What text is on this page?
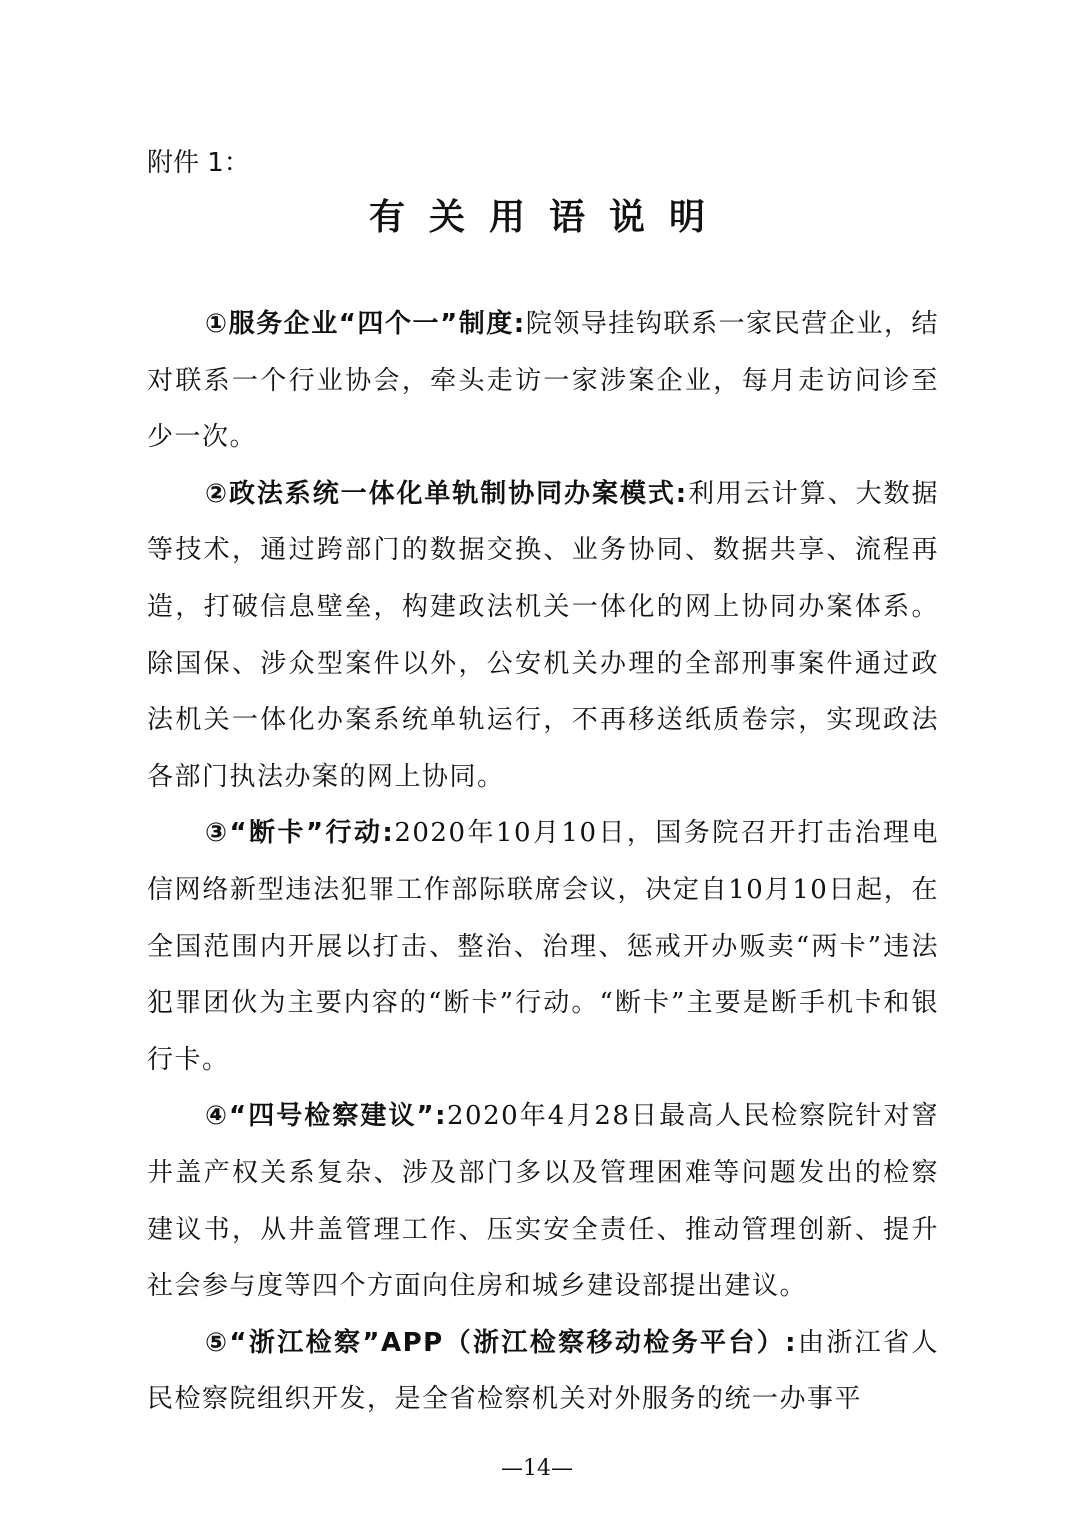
附件 1：

有关用语说明

①服务企业“四个一”制度:院领导挂钩联系一家民营企业，结对联系一个行业协会，牵头走访一家涉案企业，每月走访问诊至少一次。

②政法系统一体化单轨制协同办案模式:利用云计算、大数据等技术，通过跨部门的数据交换、业务协同、数据共享、流程再造，打破信息壁垒，构建政法机关一体化的网上协同办案体系。除国保、涉众型案件以外，公安机关办理的全部刑事案件通过政法机关一体化办案系统单轨运行，不再移送纸质卷宗，实现政法各部门执法办案的网上协同。

③“断卡”行动:2020年10月10日，国务院召开打击治理电信网络新型违法犯罪工作部际联席会议，决定自10月10日起，在全国范围内开展以打击、整治、治理、惩戒开办贩卖“两卡”违法犯罪团伙为主要内容的“断卡”行动。“断卡”主要是断手机卡和银行卡。

④“四号检察建议”:2020年4月28日最高人民检察院针对窨井盖产权关系复杂、涉及部门多以及管理困难等问题发出的检察建议书，从井盖管理工作、压实安全责任、推动管理创新、提升社会参与度等四个方面向住房和城乡建设部提出建议。

⑤“浙江检察”APP（浙江检察移动检务平台）:由浙江省人民检察院组织开发，是全省检察机关对外服务的统一办事平

—14—
